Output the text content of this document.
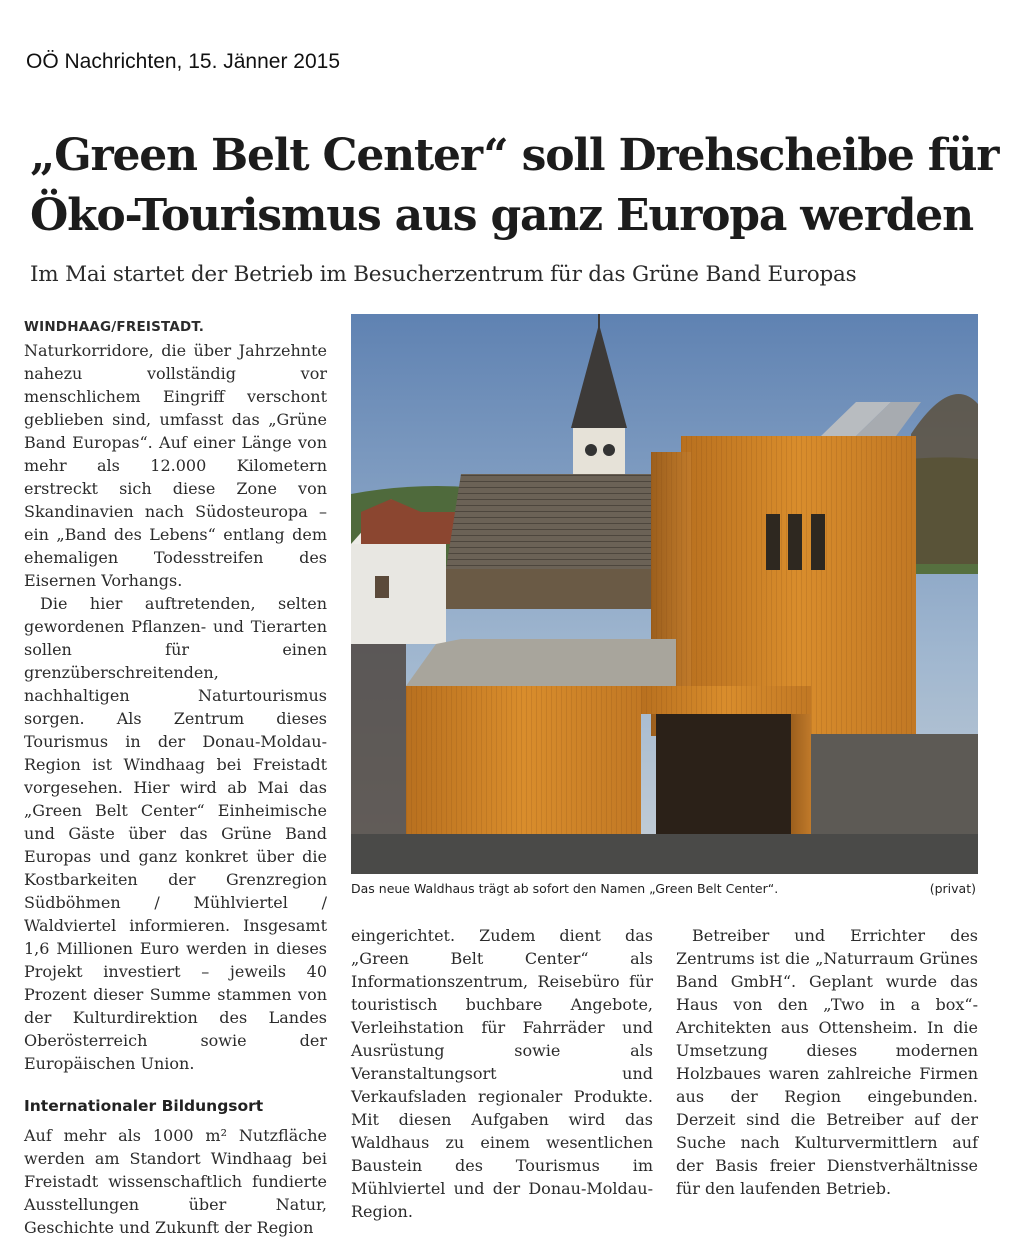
OÖ Nachrichten, 15. Jänner 2015
„Green Belt Center“ soll Drehscheibe für
Öko-Tourismus aus ganz Europa werden
Im Mai startet der Betrieb im Besucherzentrum für das Grüne Band Europas

WINDHAAG/FREISTADT. Naturkorridore, die über Jahrzehnte nahezu vollständig vor menschlichem Eingriff verschont geblieben sind, umfasst das „Grüne Band Europas“. Auf einer Länge von mehr als 12.000 Kilometern erstreckt sich diese Zone von Skandinavien nach Südosteuropa – ein „Band des Lebens“ entlang dem ehemaligen Todesstreifen des Eisernen Vorhangs.

Die hier auftretenden, selten gewordenen Pflanzen- und Tierarten sollen für einen grenzüberschreitenden, nachhaltigen Naturtourismus sorgen. Als Zentrum dieses Tourismus in der Donau-Moldau-Region ist Windhaag bei Freistadt vorgesehen. Hier wird ab Mai das „Green Belt Center“ Einheimische und Gäste über das Grüne Band Europas und ganz konkret über die Kostbarkeiten der Grenzregion Südböhmen / Mühlviertel / Waldviertel informieren. Insgesamt 1,6 Millionen Euro werden in dieses Projekt investiert – jeweils 40 Prozent dieser Summe stammen von der Kulturdirektion des Landes Oberösterreich sowie der Europäischen Union.

Internationaler Bildungsort

Auf mehr als 1000 m² Nutzfläche werden am Standort Windhaag bei Freistadt wissenschaftlich fundierte Ausstellungen über Natur, Geschichte und Zukunft der Region

Das neue Waldhaus trägt ab sofort den Namen „Green Belt Center“.	(privat)

eingerichtet. Zudem dient das „Green Belt Center“ als Informationszentrum, Reisebüro für touristisch buchbare Angebote, Verleihstation für Fahrräder und Ausrüstung sowie als Veranstaltungsort und Verkaufsladen regionaler Produkte. Mit diesen Aufgaben wird das Waldhaus zu einem wesentlichen Baustein des Tourismus im Mühlviertel und der Donau-Moldau-Region.

Betreiber und Errichter des Zentrums ist die „Naturraum Grünes Band GmbH“. Geplant wurde das Haus von den „Two in a box“-Architekten aus Ottensheim. In die Umsetzung dieses modernen Holzbaues waren zahlreiche Firmen aus der Region eingebunden. Derzeit sind die Betreiber auf der Suche nach Kulturvermittlern auf der Basis freier Dienstverhältnisse für den laufenden Betrieb.
